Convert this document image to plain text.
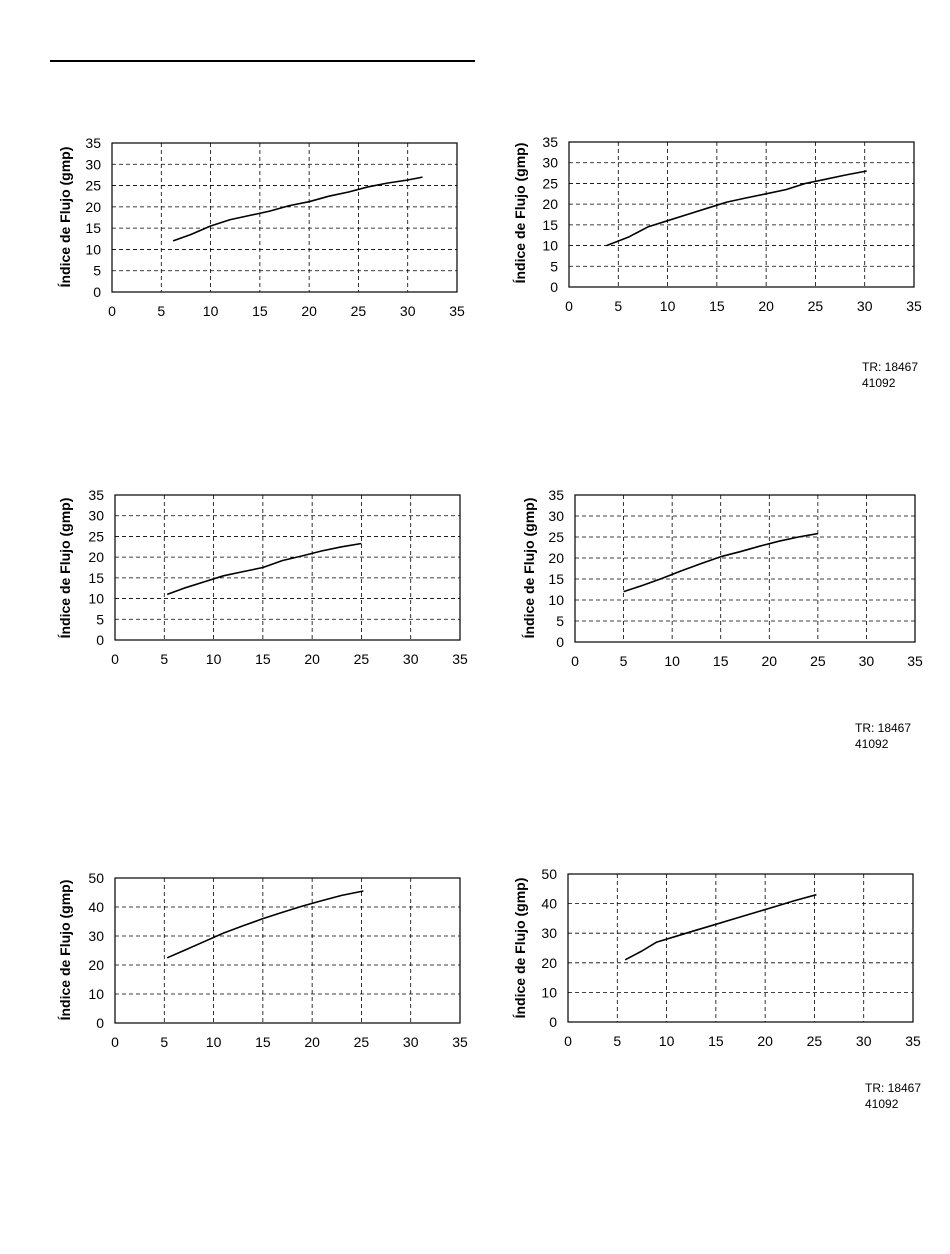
Índice de Flujo (gmp)
0	5	10 15 20 25 30 35
0
5
10
15
20
25
30
35	Índice de Flujo (gmp)
0	5	10 15 20 25 30 35
0
5
10
15
20
25
30
35
TR: 18467
41092
Índice de Flujo (gmp)
0	5	10 15 20 25 30 35
0
5
10
15
20
25
30
35
Índice de Flujo (gmp)
0	5	10 15 20 25 30 35
0
5
10
15
20
25
30
35
TR: 18467
41092
Índice de Flujo (gmp)
0	5	10 15 20 25 30 35
0
10
20
30
40
50	Índice de Flujo (gmp)
0	5	10 15 20 25 30 35
0
10
20
30
40
50
TR: 18467
41092
